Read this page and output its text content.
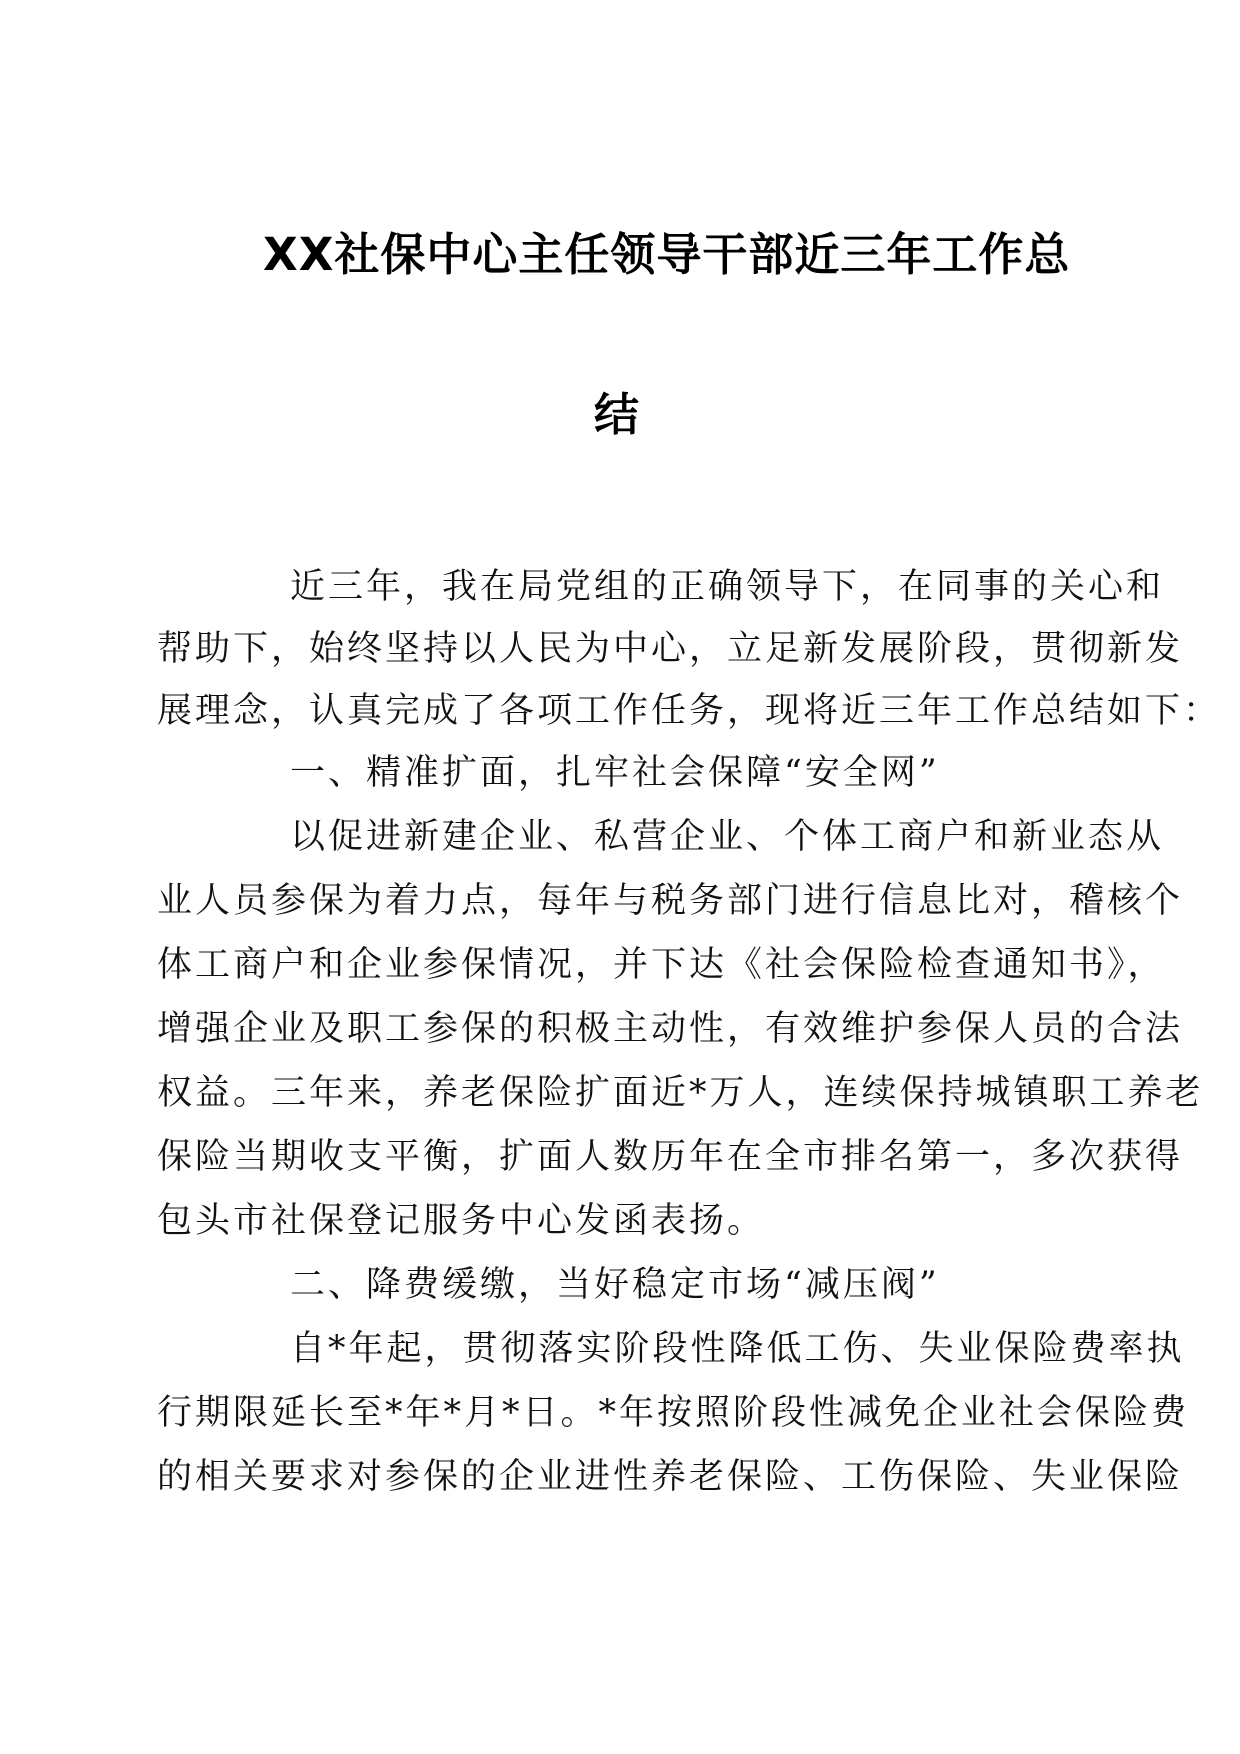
XX社保中心主任领导干部近三年工作总
结
近三年，我在局党组的正确领导下，在同事的关心和
帮助下，始终坚持以人民为中心，立足新发展阶段，贯彻新发
展理念，认真完成了各项工作任务，现将近三年工作总结如下：
一、精准扩面，扎牢社会保障“安全网”
以促进新建企业、私营企业、个体工商户和新业态从
业人员参保为着力点，每年与税务部门进行信息比对，稽核个
体工商户和企业参保情况，并下达《社会保险检查通知书》，
增强企业及职工参保的积极主动性，有效维护参保人员的合法
权益。三年来，养老保险扩面近*万人，连续保持城镇职工养老
保险当期收支平衡，扩面人数历年在全市排名第一，多次获得
包头市社保登记服务中心发函表扬。
二、降费缓缴，当好稳定市场“减压阀”
自*年起，贯彻落实阶段性降低工伤、失业保险费率执
行期限延长至*年*月*日。*年按照阶段性减免企业社会保险费
的相关要求对参保的企业进性养老保险、工伤保险、失业保险
